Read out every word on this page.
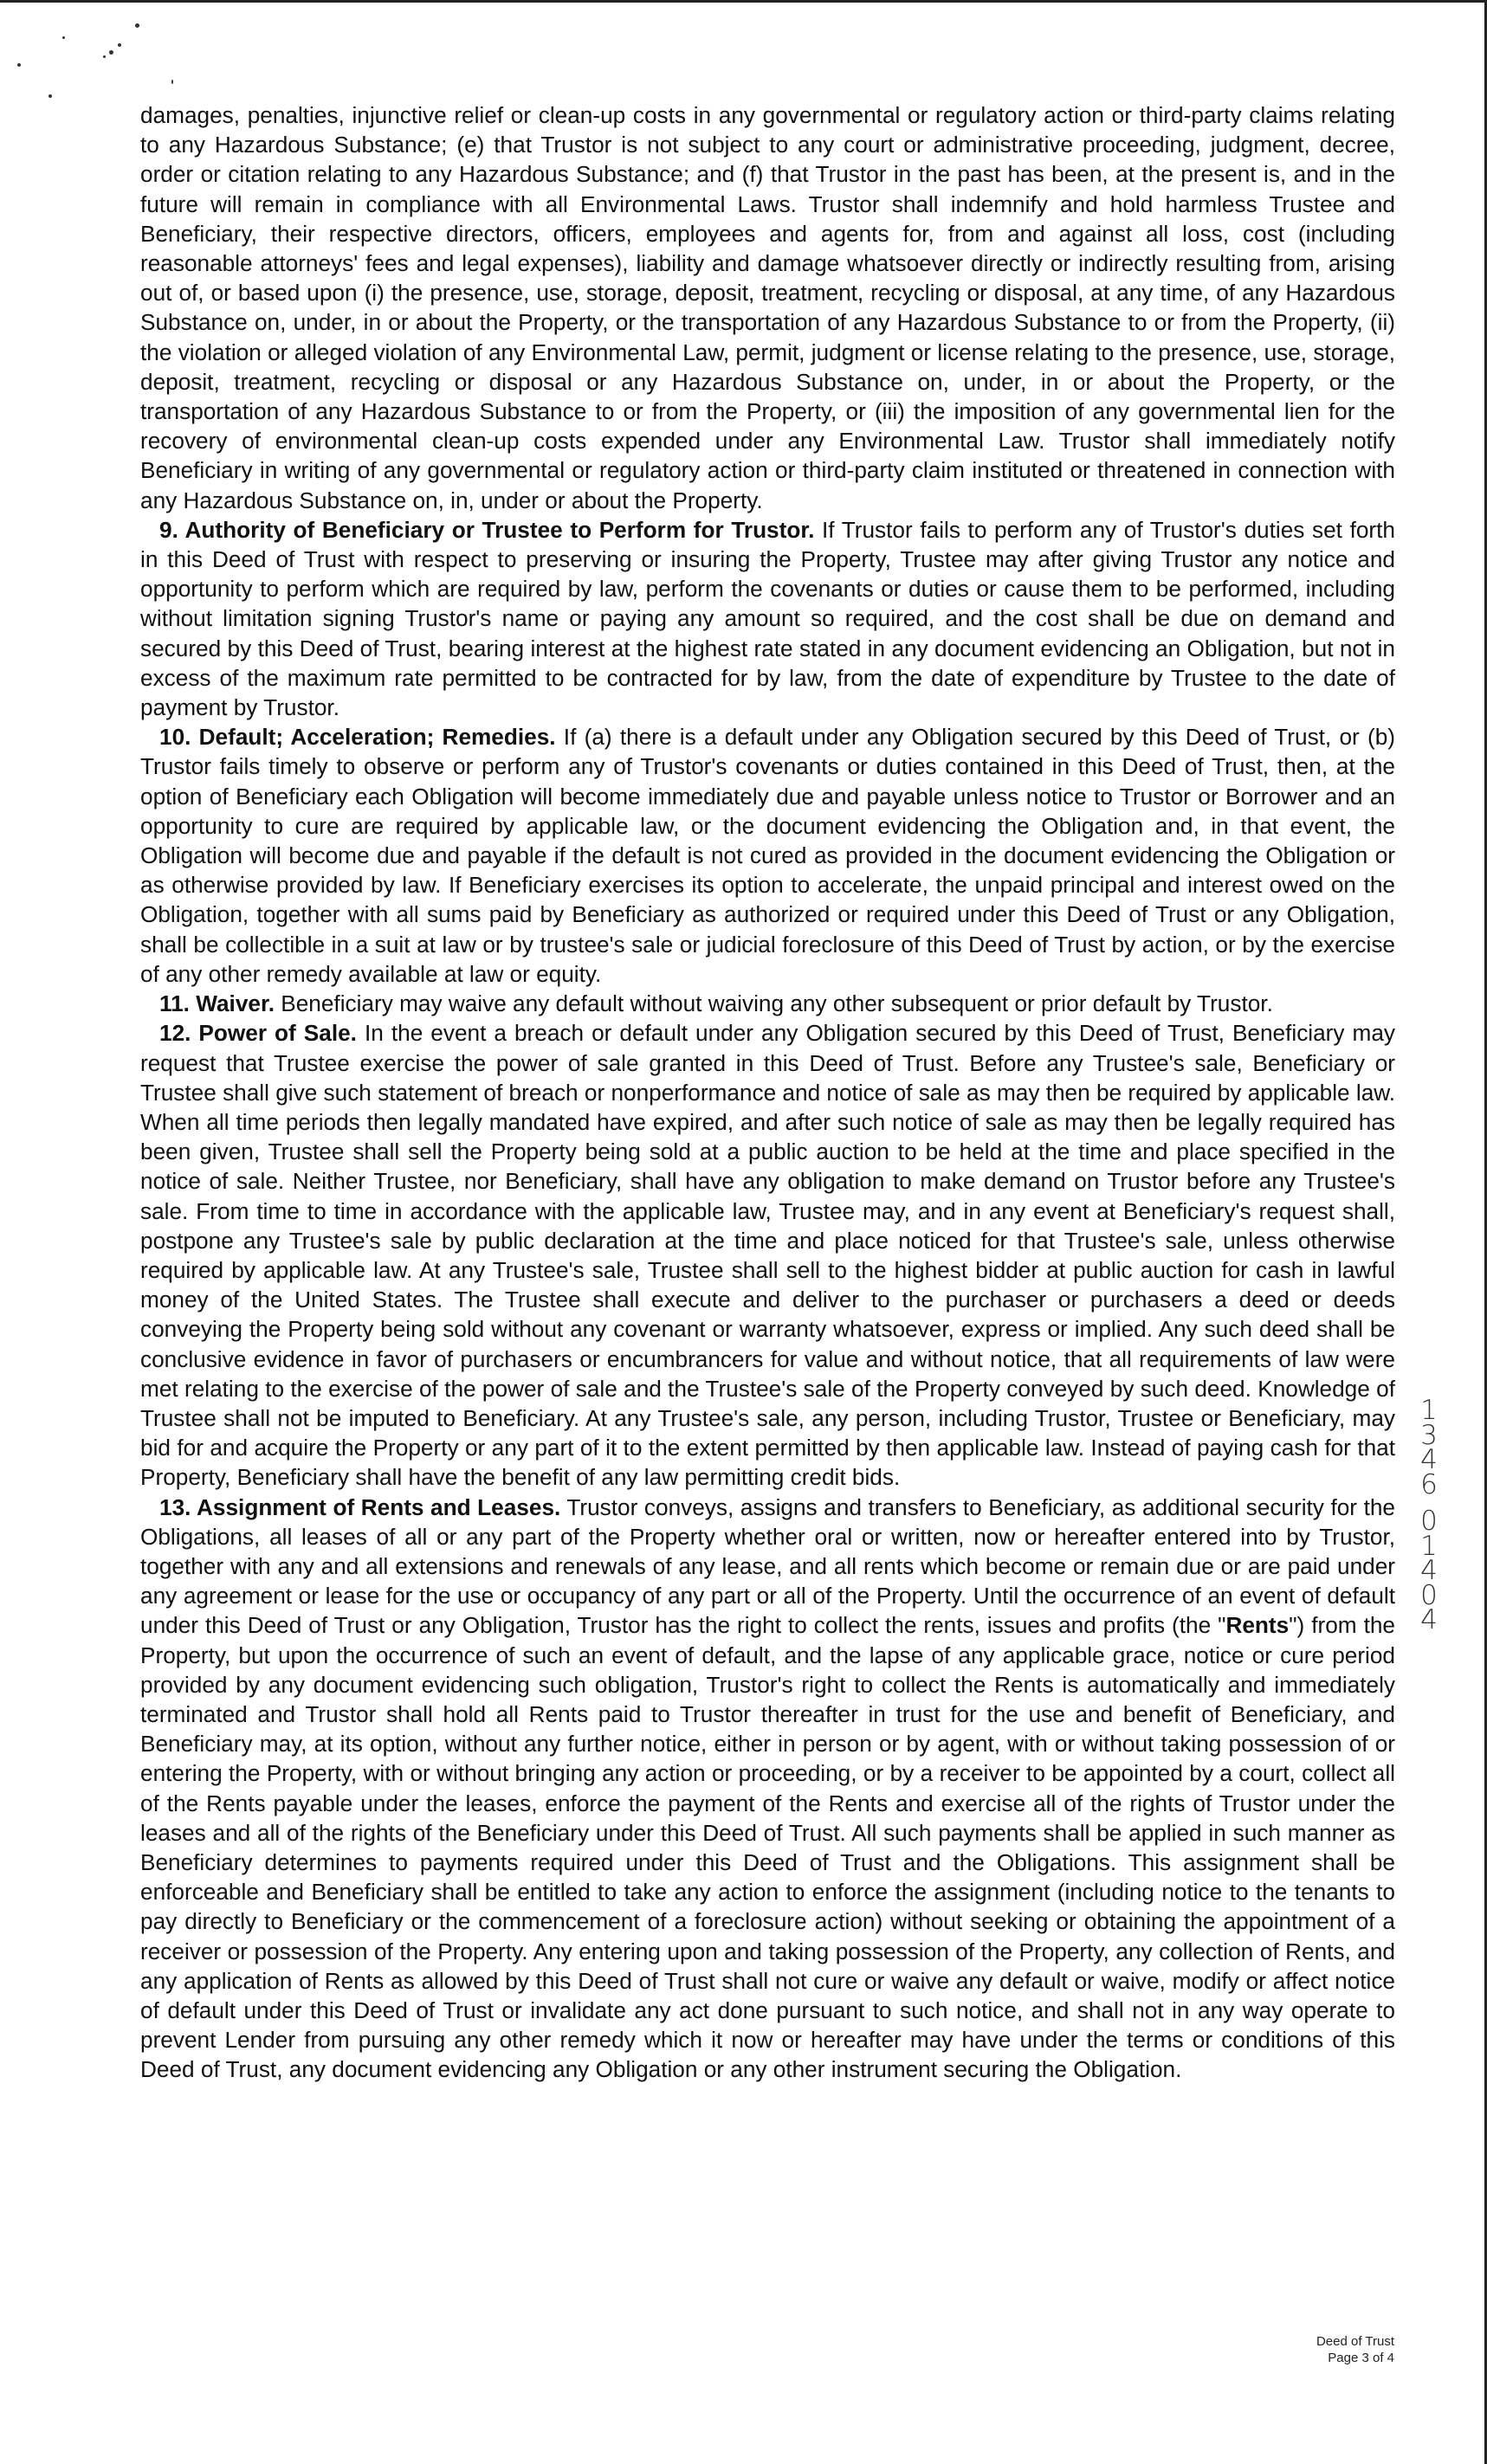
damages, penalties, injunctive relief or clean-up costs in any governmental or regulatory action or third-party claims relating to any Hazardous Substance; (e) that Trustor is not subject to any court or administrative proceeding, judgment, decree, order or citation relating to any Hazardous Substance; and (f) that Trustor in the past has been, at the present is, and in the future will remain in compliance with all Environmental Laws. Trustor shall indemnify and hold harmless Trustee and Beneficiary, their respective directors, officers, employees and agents for, from and against all loss, cost (including reasonable attorneys' fees and legal expenses), liability and damage whatsoever directly or indirectly resulting from, arising out of, or based upon (i) the presence, use, storage, deposit, treatment, recycling or disposal, at any time, of any Hazardous Substance on, under, in or about the Property, or the transportation of any Hazardous Substance to or from the Property, (ii) the violation or alleged violation of any Environmental Law, permit, judgment or license relating to the presence, use, storage, deposit, treatment, recycling or disposal or any Hazardous Substance on, under, in or about the Property, or the transportation of any Hazardous Substance to or from the Property, or (iii) the imposition of any governmental lien for the recovery of environmental clean-up costs expended under any Environmental Law. Trustor shall immediately notify Beneficiary in writing of any governmental or regulatory action or third-party claim instituted or threatened in connection with any Hazardous Substance on, in, under or about the Property.

9. Authority of Beneficiary or Trustee to Perform for Trustor. If Trustor fails to perform any of Trustor's duties set forth in this Deed of Trust with respect to preserving or insuring the Property, Trustee may after giving Trustor any notice and opportunity to perform which are required by law, perform the covenants or duties or cause them to be performed, including without limitation signing Trustor's name or paying any amount so required, and the cost shall be due on demand and secured by this Deed of Trust, bearing interest at the highest rate stated in any document evidencing an Obligation, but not in excess of the maximum rate permitted to be contracted for by law, from the date of expenditure by Trustee to the date of payment by Trustor.

10. Default; Acceleration; Remedies. If (a) there is a default under any Obligation secured by this Deed of Trust, or (b) Trustor fails timely to observe or perform any of Trustor's covenants or duties contained in this Deed of Trust, then, at the option of Beneficiary each Obligation will become immediately due and payable unless notice to Trustor or Borrower and an opportunity to cure are required by applicable law, or the document evidencing the Obligation and, in that event, the Obligation will become due and payable if the default is not cured as provided in the document evidencing the Obligation or as otherwise provided by law. If Beneficiary exercises its option to accelerate, the unpaid principal and interest owed on the Obligation, together with all sums paid by Beneficiary as authorized or required under this Deed of Trust or any Obligation, shall be collectible in a suit at law or by trustee's sale or judicial foreclosure of this Deed of Trust by action, or by the exercise of any other remedy available at law or equity.

11. Waiver. Beneficiary may waive any default without waiving any other subsequent or prior default by Trustor.

12. Power of Sale. In the event a breach or default under any Obligation secured by this Deed of Trust, Beneficiary may request that Trustee exercise the power of sale granted in this Deed of Trust. Before any Trustee's sale, Beneficiary or Trustee shall give such statement of breach or nonperformance and notice of sale as may then be required by applicable law. When all time periods then legally mandated have expired, and after such notice of sale as may then be legally required has been given, Trustee shall sell the Property being sold at a public auction to be held at the time and place specified in the notice of sale. Neither Trustee, nor Beneficiary, shall have any obligation to make demand on Trustor before any Trustee's sale. From time to time in accordance with the applicable law, Trustee may, and in any event at Beneficiary's request shall, postpone any Trustee's sale by public declaration at the time and place noticed for that Trustee's sale, unless otherwise required by applicable law. At any Trustee's sale, Trustee shall sell to the highest bidder at public auction for cash in lawful money of the United States. The Trustee shall execute and deliver to the purchaser or purchasers a deed or deeds conveying the Property being sold without any covenant or warranty whatsoever, express or implied. Any such deed shall be conclusive evidence in favor of purchasers or encumbrancers for value and without notice, that all requirements of law were met relating to the exercise of the power of sale and the Trustee's sale of the Property conveyed by such deed. Knowledge of Trustee shall not be imputed to Beneficiary. At any Trustee's sale, any person, including Trustor, Trustee or Beneficiary, may bid for and acquire the Property or any part of it to the extent permitted by then applicable law. Instead of paying cash for that Property, Beneficiary shall have the benefit of any law permitting credit bids.

13. Assignment of Rents and Leases. Trustor conveys, assigns and transfers to Beneficiary, as additional security for the Obligations, all leases of all or any part of the Property whether oral or written, now or hereafter entered into by Trustor, together with any and all extensions and renewals of any lease, and all rents which become or remain due or are paid under any agreement or lease for the use or occupancy of any part or all of the Property. Until the occurrence of an event of default under this Deed of Trust or any Obligation, Trustor has the right to collect the rents, issues and profits (the "Rents") from the Property, but upon the occurrence of such an event of default, and the lapse of any applicable grace, notice or cure period provided by any document evidencing such obligation, Trustor's right to collect the Rents is automatically and immediately terminated and Trustor shall hold all Rents paid to Trustor thereafter in trust for the use and benefit of Beneficiary, and Beneficiary may, at its option, without any further notice, either in person or by agent, with or without taking possession of or entering the Property, with or without bringing any action or proceeding, or by a receiver to be appointed by a court, collect all of the Rents payable under the leases, enforce the payment of the Rents and exercise all of the rights of Trustor under the leases and all of the rights of the Beneficiary under this Deed of Trust. All such payments shall be applied in such manner as Beneficiary determines to payments required under this Deed of Trust and the Obligations. This assignment shall be enforceable and Beneficiary shall be entitled to take any action to enforce the assignment (including notice to the tenants to pay directly to Beneficiary or the commencement of a foreclosure action) without seeking or obtaining the appointment of a receiver or possession of the Property. Any entering upon and taking possession of the Property, any collection of Rents, and any application of Rents as allowed by this Deed of Trust shall not cure or waive any default or waive, modify or affect notice of default under this Deed of Trust or invalidate any act done pursuant to such notice, and shall not in any way operate to prevent Lender from pursuing any other remedy which it now or hereafter may have under the terms or conditions of this Deed of Trust, any document evidencing any Obligation or any other instrument securing the Obligation.

1
3
4
6
0
1
4
0
4
Deed of Trust
Page 3 of 4
